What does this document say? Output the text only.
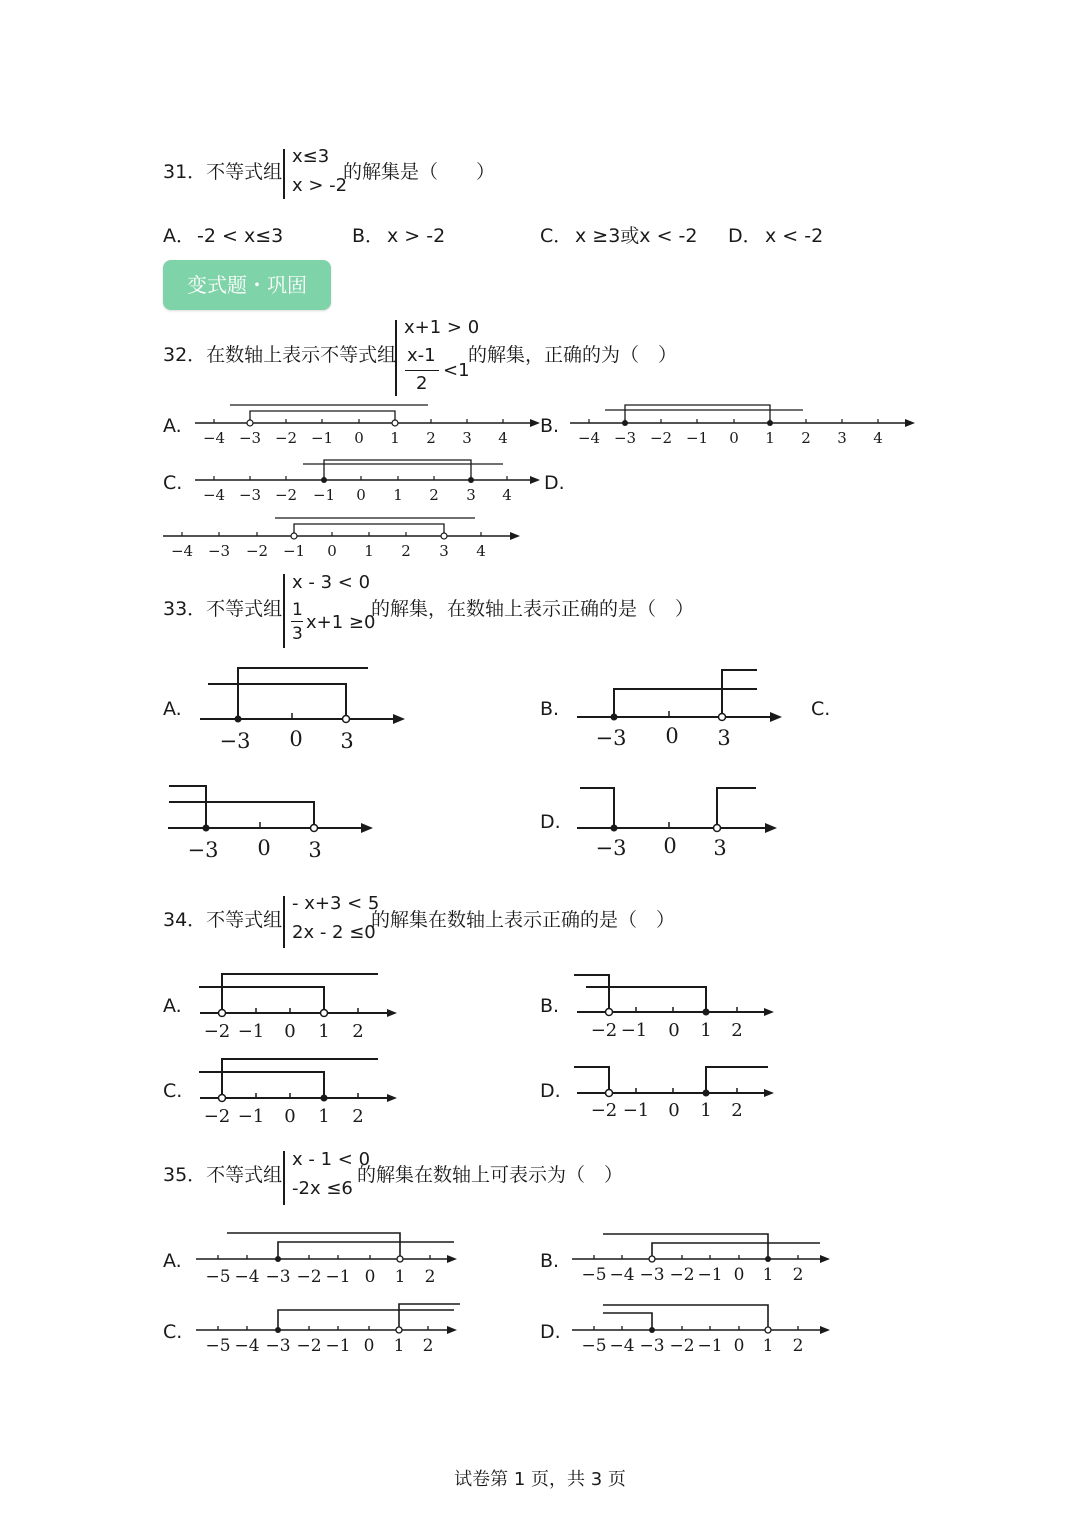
31．不等式组
x≤3
x > -2
的解集是（　　）
A． -2 < x≤3	B． x > -2	C． x ≥3或x < -2 D． x < -2
变式题・巩固
32．在数轴上表示不等式组
x+1 > 0
x-1
2
<1
的解集，正确的为（　）
A.	B.
C.	D.
−4 −3 −2 −1 0 1 2 3 4	−4 −3 −2 −1 0 1 2 3 4
−4 −3 −2 −1 0 1 2 3 4
−4 −3 −2 −1 0 1 2 3 4
33．不等式组
x - 3 < 0
1
3
x+1 ≥0
的解集，在数轴上表示正确的是（　）
A.	B.	C.
D.
−3 0 3	−3 0 3
−3 0 3	−3 0 3
34．不等式组
- x+3 < 5
2x - 2 ≤0
的解集在数轴上表示正确的是（　）
A.	B.
C.	D.
−2 −1 0 1 2	−2 −1 0 1 2
−2 −1 0 1 2	−2 −1 0 1 2
35．不等式组
x - 1 < 0
-2x ≤6
的解集在数轴上可表示为（　）
A.	B.
C.	D.
−5 −4 −3 −2 −1 0 1 2	−5 −4 −3 −2 −1 0 1 2
−5 −4 −3 −2 −1 0 1 2	−5 −4 −3 −2 −1 0 1 2
试卷第 1 页，共 3 页
